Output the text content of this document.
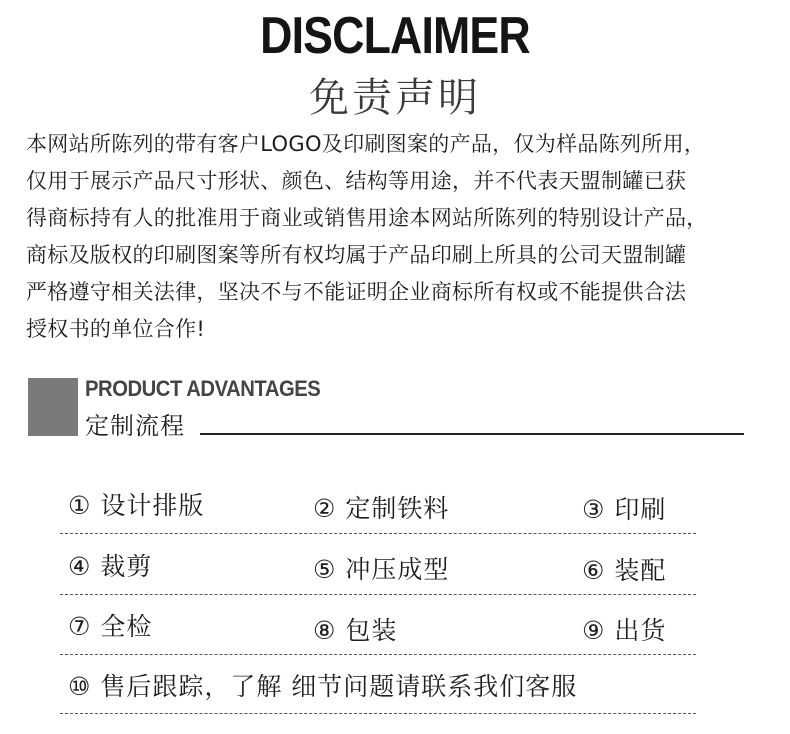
DISCLAIMER
免责声明

本网站所陈列的带有客户LOGO及印刷图案的产品，仅为样品陈列所用，
仅用于展示产品尺寸形状、颜色、结构等用途，并不代表天盟制罐已获
得商标持有人的批准用于商业或销售用途本网站所陈列的特别设计产品，
商标及版权的印刷图案等所有权均属于产品印刷上所具的公司天盟制罐
严格遵守相关法律，坚决不与不能证明企业商标所有权或不能提供合法
授权书的单位合作!

PRODUCT ADVANTAGES
定制流程
① 设计排版	② 定制铁料	③ 印刷
④ 裁剪	⑤ 冲压成型	⑥ 装配
⑦ 全检	⑧ 包装	⑨ 出货
⑩ 售后跟踪，了解 细节问题请联系我们客服
